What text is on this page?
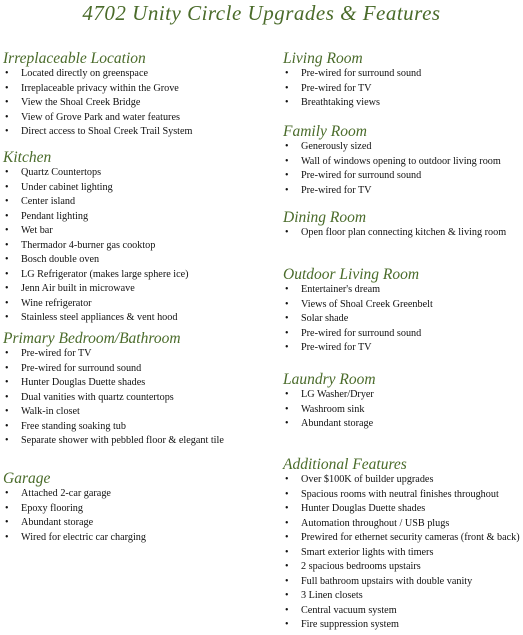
4702 Unity Circle Upgrades & Features
Irreplaceable Location
• Located directly on greenspace
• Irreplaceable privacy within the Grove
• View the Shoal Creek Bridge
• View of Grove Park and water features
• Direct access to Shoal Creek Trail System
Kitchen
• Quartz Countertops
• Under cabinet lighting
• Center island
• Pendant lighting
• Wet bar
• Thermador 4-burner gas cooktop
• Bosch double oven
• LG Refrigerator (makes large sphere ice)
• Jenn Air built in microwave
• Wine refrigerator
• Stainless steel appliances & vent hood
Primary Bedroom/Bathroom
• Pre-wired for TV
• Pre-wired for surround sound
• Hunter Douglas Duette shades
• Dual vanities with quartz countertops
• Walk-in closet
• Free standing soaking tub
• Separate shower with pebbled floor & elegant tile
Garage
• Attached 2-car garage
• Epoxy flooring
• Abundant storage
• Wired for electric car charging
Living Room
• Pre-wired for surround sound
• Pre-wired for TV
• Breathtaking views
Family Room
• Generously sized
• Wall of windows opening to outdoor living room
• Pre-wired for surround sound
• Pre-wired for TV
Dining Room
• Open floor plan connecting kitchen & living room
Outdoor Living Room
• Entertainer's dream
• Views of Shoal Creek Greenbelt
• Solar shade
• Pre-wired for surround sound
• Pre-wired for TV
Laundry Room
• LG Washer/Dryer
• Washroom sink
• Abundant storage
Additional Features
• Over $100K of builder upgrades
• Spacious rooms with neutral finishes throughout
• Hunter Douglas Duette shades
• Automation throughout / USB plugs
• Prewired for ethernet security cameras (front & back)
• Smart exterior lights with timers
• 2 spacious bedrooms upstairs
• Full bathroom upstairs with double vanity
• 3 Linen closets
• Central vacuum system
• Fire suppression system
